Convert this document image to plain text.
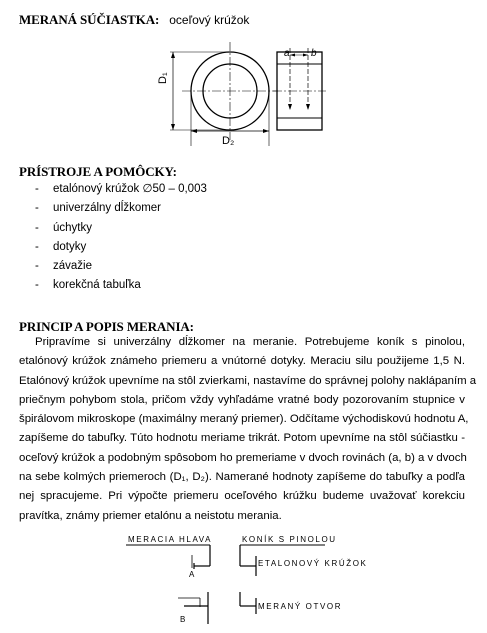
MERANÁ SÚČIASTKA: oceľový krúžok
D₁
D₂
a b
PRÍSTROJE A POMÔCKY:
- etalónový krúžok ∅50 – 0,003
- univerzálny dĺžkomer
- úchytky
- dotyky
- závažie
- korekčná tabuľka
PRINCIP A POPIS MERANIA:
Pripravíme si univerzálny dĺžkomer na meranie. Potrebujeme koník s pinolou,
etalónový krúžok známeho priemeru a vnútorné dotyky. Meraciu silu použijeme 1,5 N.
Etalónový krúžok upevníme na stôl zvierkami, nastavíme do správnej polohy naklápaním a
priečnym pohybom stola, pričom vždy vyhľadáme vratné body pozorovaním stupnice v
špirálovom mikroskope (maximálny meraný priemer). Odčítame východiskovú hodnotu A,
zapíšeme do tabuľky. Túto hodnotu meriame trikrát. Potom upevníme na stôl súčiastku -
oceľový krúžok a podobným spôsobom ho premeriame v dvoch rovinách (a, b) a v dvoch
na sebe kolmých priemeroch (D₁, D₂). Namerané hodnoty zapíšeme do tabuľky a podľa
nej spracujeme. Pri výpočte priemeru oceľového krúžku budeme uvažovať korekciu
pravítka, známy priemer etalónu a neistotu merania.
MERACIA HLAVA
A
KONÍK S PINOLOU
ETALONOVÝ KRÚŽOK
B
MERANÝ OTVOR
